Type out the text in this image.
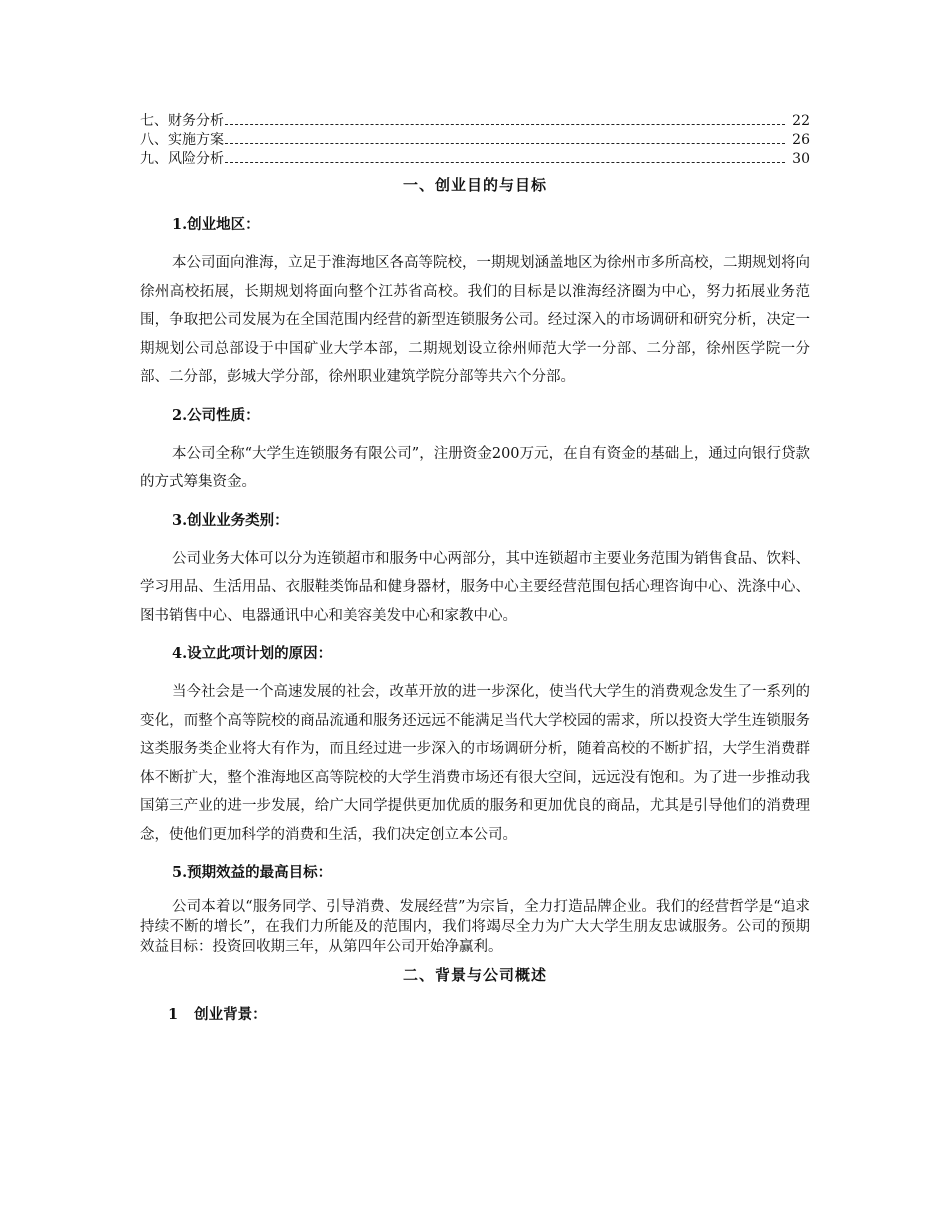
七、财务分析	22
八、实施方案	26
九、风险分析	30
一、创业目的与目标
1.创业地区：

本公司面向淮海，立足于淮海地区各高等院校，一期规划涵盖地区为徐州市多所高校，二期规划将向徐州高校拓展，长期规划将面向整个江苏省高校。我们的目标是以淮海经济圈为中心，努力拓展业务范围，争取把公司发展为在全国范围内经营的新型连锁服务公司。经过深入的市场调研和研究分析，决定一期规划公司总部设于中国矿业大学本部，二期规划设立徐州师范大学一分部、二分部，徐州医学院一分部、二分部，彭城大学分部，徐州职业建筑学院分部等共六个分部。

2.公司性质：

本公司全称“大学生连锁服务有限公司”，注册资金200万元，在自有资金的基础上，通过向银行贷款的方式筹集资金。

3.创业业务类别：

公司业务大体可以分为连锁超市和服务中心两部分，其中连锁超市主要业务范围为销售食品、饮料、学习用品、生活用品、衣服鞋类饰品和健身器材，服务中心主要经营范围包括心理咨询中心、洗涤中心、图书销售中心、电器通讯中心和美容美发中心和家教中心。

4.设立此项计划的原因：

当今社会是一个高速发展的社会，改革开放的进一步深化，使当代大学生的消费观念发生了一系列的变化，而整个高等院校的商品流通和服务还远远不能满足当代大学校园的需求，所以投资大学生连锁服务这类服务类企业将大有作为，而且经过进一步深入的市场调研分析，随着高校的不断扩招，大学生消费群体不断扩大，整个淮海地区高等院校的大学生消费市场还有很大空间，远远没有饱和。为了进一步推动我国第三产业的进一步发展，给广大同学提供更加优质的服务和更加优良的商品，尤其是引导他们的消费理念，使他们更加科学的消费和生活，我们决定创立本公司。

5.预期效益的最高目标：

公司本着以“服务同学、引导消费、发展经营”为宗旨，全力打造品牌企业。我们的经营哲学是“追求持续不断的增长”，在我们力所能及的范围内，我们将竭尽全力为广大大学生朋友忠诚服务。公司的预期效益目标：投资回收期三年，从第四年公司开始净赢利。

二、背景与公司概述
1 创业背景：
